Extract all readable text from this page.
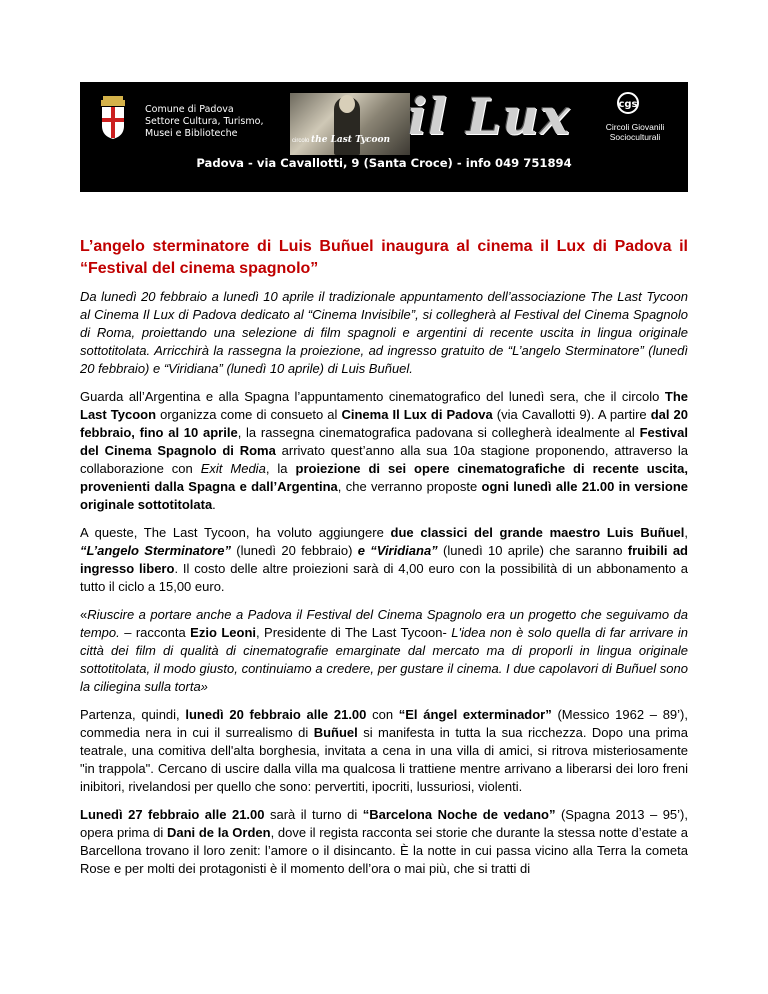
Comune di Padova
Settore Cultura, Turismo,
Musei e Biblioteche
circolo the Last Tycoon il Lux	cgs
Circoli Giovanili
Socioculturali
Padova - via Cavallotti, 9 (Santa Croce) - info 049 751894
L’angelo sterminatore di Luis Buñuel inaugura al cinema il Lux di Padova il “Festival del cinema spagnolo”

Da lunedì 20 febbraio a lunedì 10 aprile il tradizionale appuntamento dell’associazione The Last Tycoon al Cinema Il Lux di Padova dedicato al “Cinema Invisibile”, si collegherà al Festival del Cinema Spagnolo di Roma, proiettando una selezione di film spagnoli e argentini di recente uscita in lingua originale sottotitolata. Arricchirà la rassegna la proiezione, ad ingresso gratuito de “L’angelo Sterminatore” (lunedì 20 febbraio) e “Viridiana” (lunedì 10 aprile) di Luis Buñuel.

Guarda all’Argentina e alla Spagna l’appuntamento cinematografico del lunedì sera, che il circolo The Last Tycoon organizza come di consueto al Cinema Il Lux di Padova (via Cavallotti 9). A partire dal 20 febbraio, fino al 10 aprile, la rassegna cinematografica padovana si collegherà idealmente al Festival del Cinema Spagnolo di Roma arrivato quest’anno alla sua 10a stagione proponendo, attraverso la collaborazione con Exit Media, la proiezione di sei opere cinematografiche di recente uscita, provenienti dalla Spagna e dall’Argentina, che verranno proposte ogni lunedì alle 21.00 in versione originale sottotitolata.

A queste, The Last Tycoon, ha voluto aggiungere due classici del grande maestro Luis Buñuel, “L’angelo Sterminatore” (lunedì 20 febbraio) e “Viridiana” (lunedì 10 aprile) che saranno fruibili ad ingresso libero. Il costo delle altre proiezioni sarà di 4,00 euro con la possibilità di un abbonamento a tutto il ciclo a 15,00 euro.

«Riuscire a portare anche a Padova il Festival del Cinema Spagnolo era un progetto che seguivamo da tempo. – racconta Ezio Leoni, Presidente di The Last Tycoon- L'idea non è solo quella di far arrivare in città dei film di qualità di cinematografie emarginate dal mercato ma di proporli in lingua originale sottotitolata, il modo giusto, continuiamo a credere, per gustare il cinema. I due capolavori di Buñuel sono la ciliegina sulla torta»

Partenza, quindi, lunedì 20 febbraio alle 21.00 con “El ángel exterminador” (Messico 1962 – 89’), commedia nera in cui il surrealismo di Buñuel si manifesta in tutta la sua ricchezza. Dopo una prima teatrale, una comitiva dell'alta borghesia, invitata a cena in una villa di amici, si ritrova misteriosamente "in trappola". Cercano di uscire dalla villa ma qualcosa li trattiene mentre arrivano a liberarsi dei loro freni inibitori, rivelandosi per quello che sono: pervertiti, ipocriti, lussuriosi, violenti.

Lunedì 27 febbraio alle 21.00 sarà il turno di “Barcelona Noche de vedano” (Spagna 2013 – 95’), opera prima di Dani de la Orden, dove il regista racconta sei storie che durante la stessa notte d’estate a Barcellona trovano il loro zenit: l’amore o il disincanto. È la notte in cui passa vicino alla Terra la cometa Rose e per molti dei protagonisti è il momento dell’ora o mai più, che si tratti di
